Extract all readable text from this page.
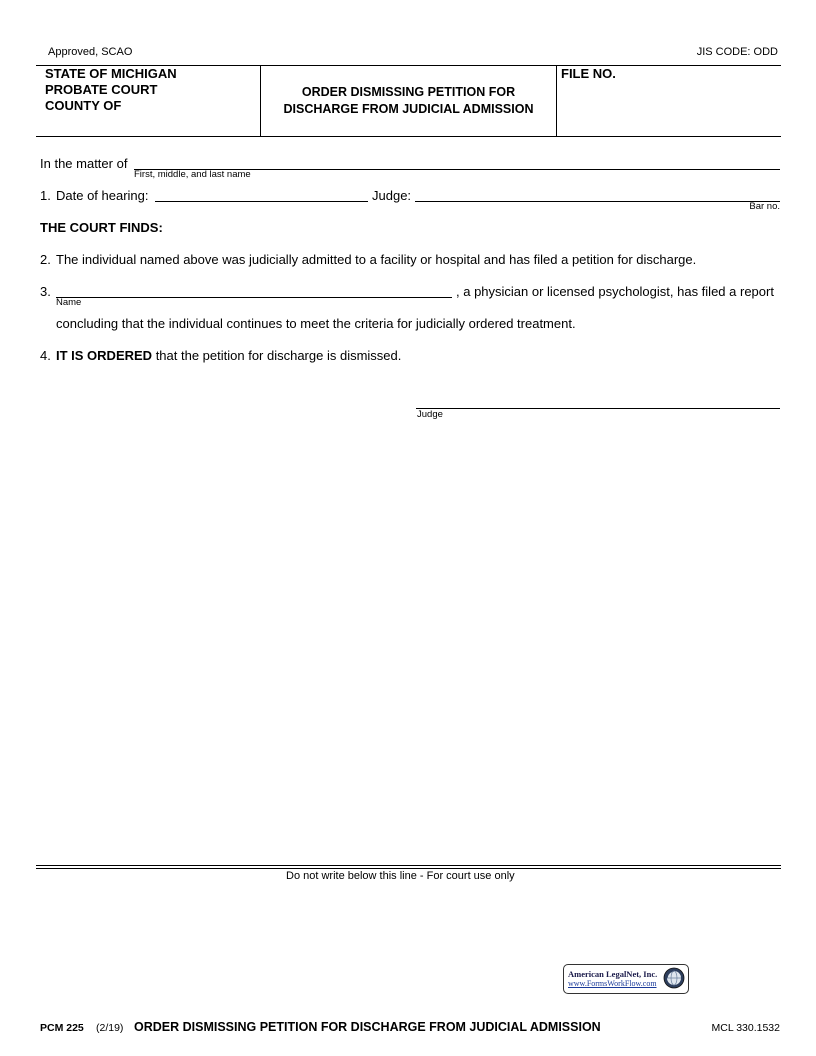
Approved, SCAO	JIS CODE: ODD
STATE OF MICHIGAN
PROBATE COURT
COUNTY OF
ORDER DISMISSING PETITION FOR
DISCHARGE FROM JUDICIAL ADMISSION
FILE NO.
In the matter of
First, middle, and last name
1. Date of hearing:	Judge:
Bar no.
THE COURT FINDS:
2. The individual named above was judicially admitted to a facility or hospital and has filed a petition for discharge.
3.	, a physician or licensed psychologist, has filed a report
Name
concluding that the individual continues to meet the criteria for judicially ordered treatment.
4. IT IS ORDERED that the petition for discharge is dismissed.
Judge
Do not write below this line - For court use only
American LegalNet, Inc.
www.FormsWorkFlow.com
PCM 225 (2/19) ORDER DISMISSING PETITION FOR DISCHARGE FROM JUDICIAL ADMISSION	MCL 330.1532
